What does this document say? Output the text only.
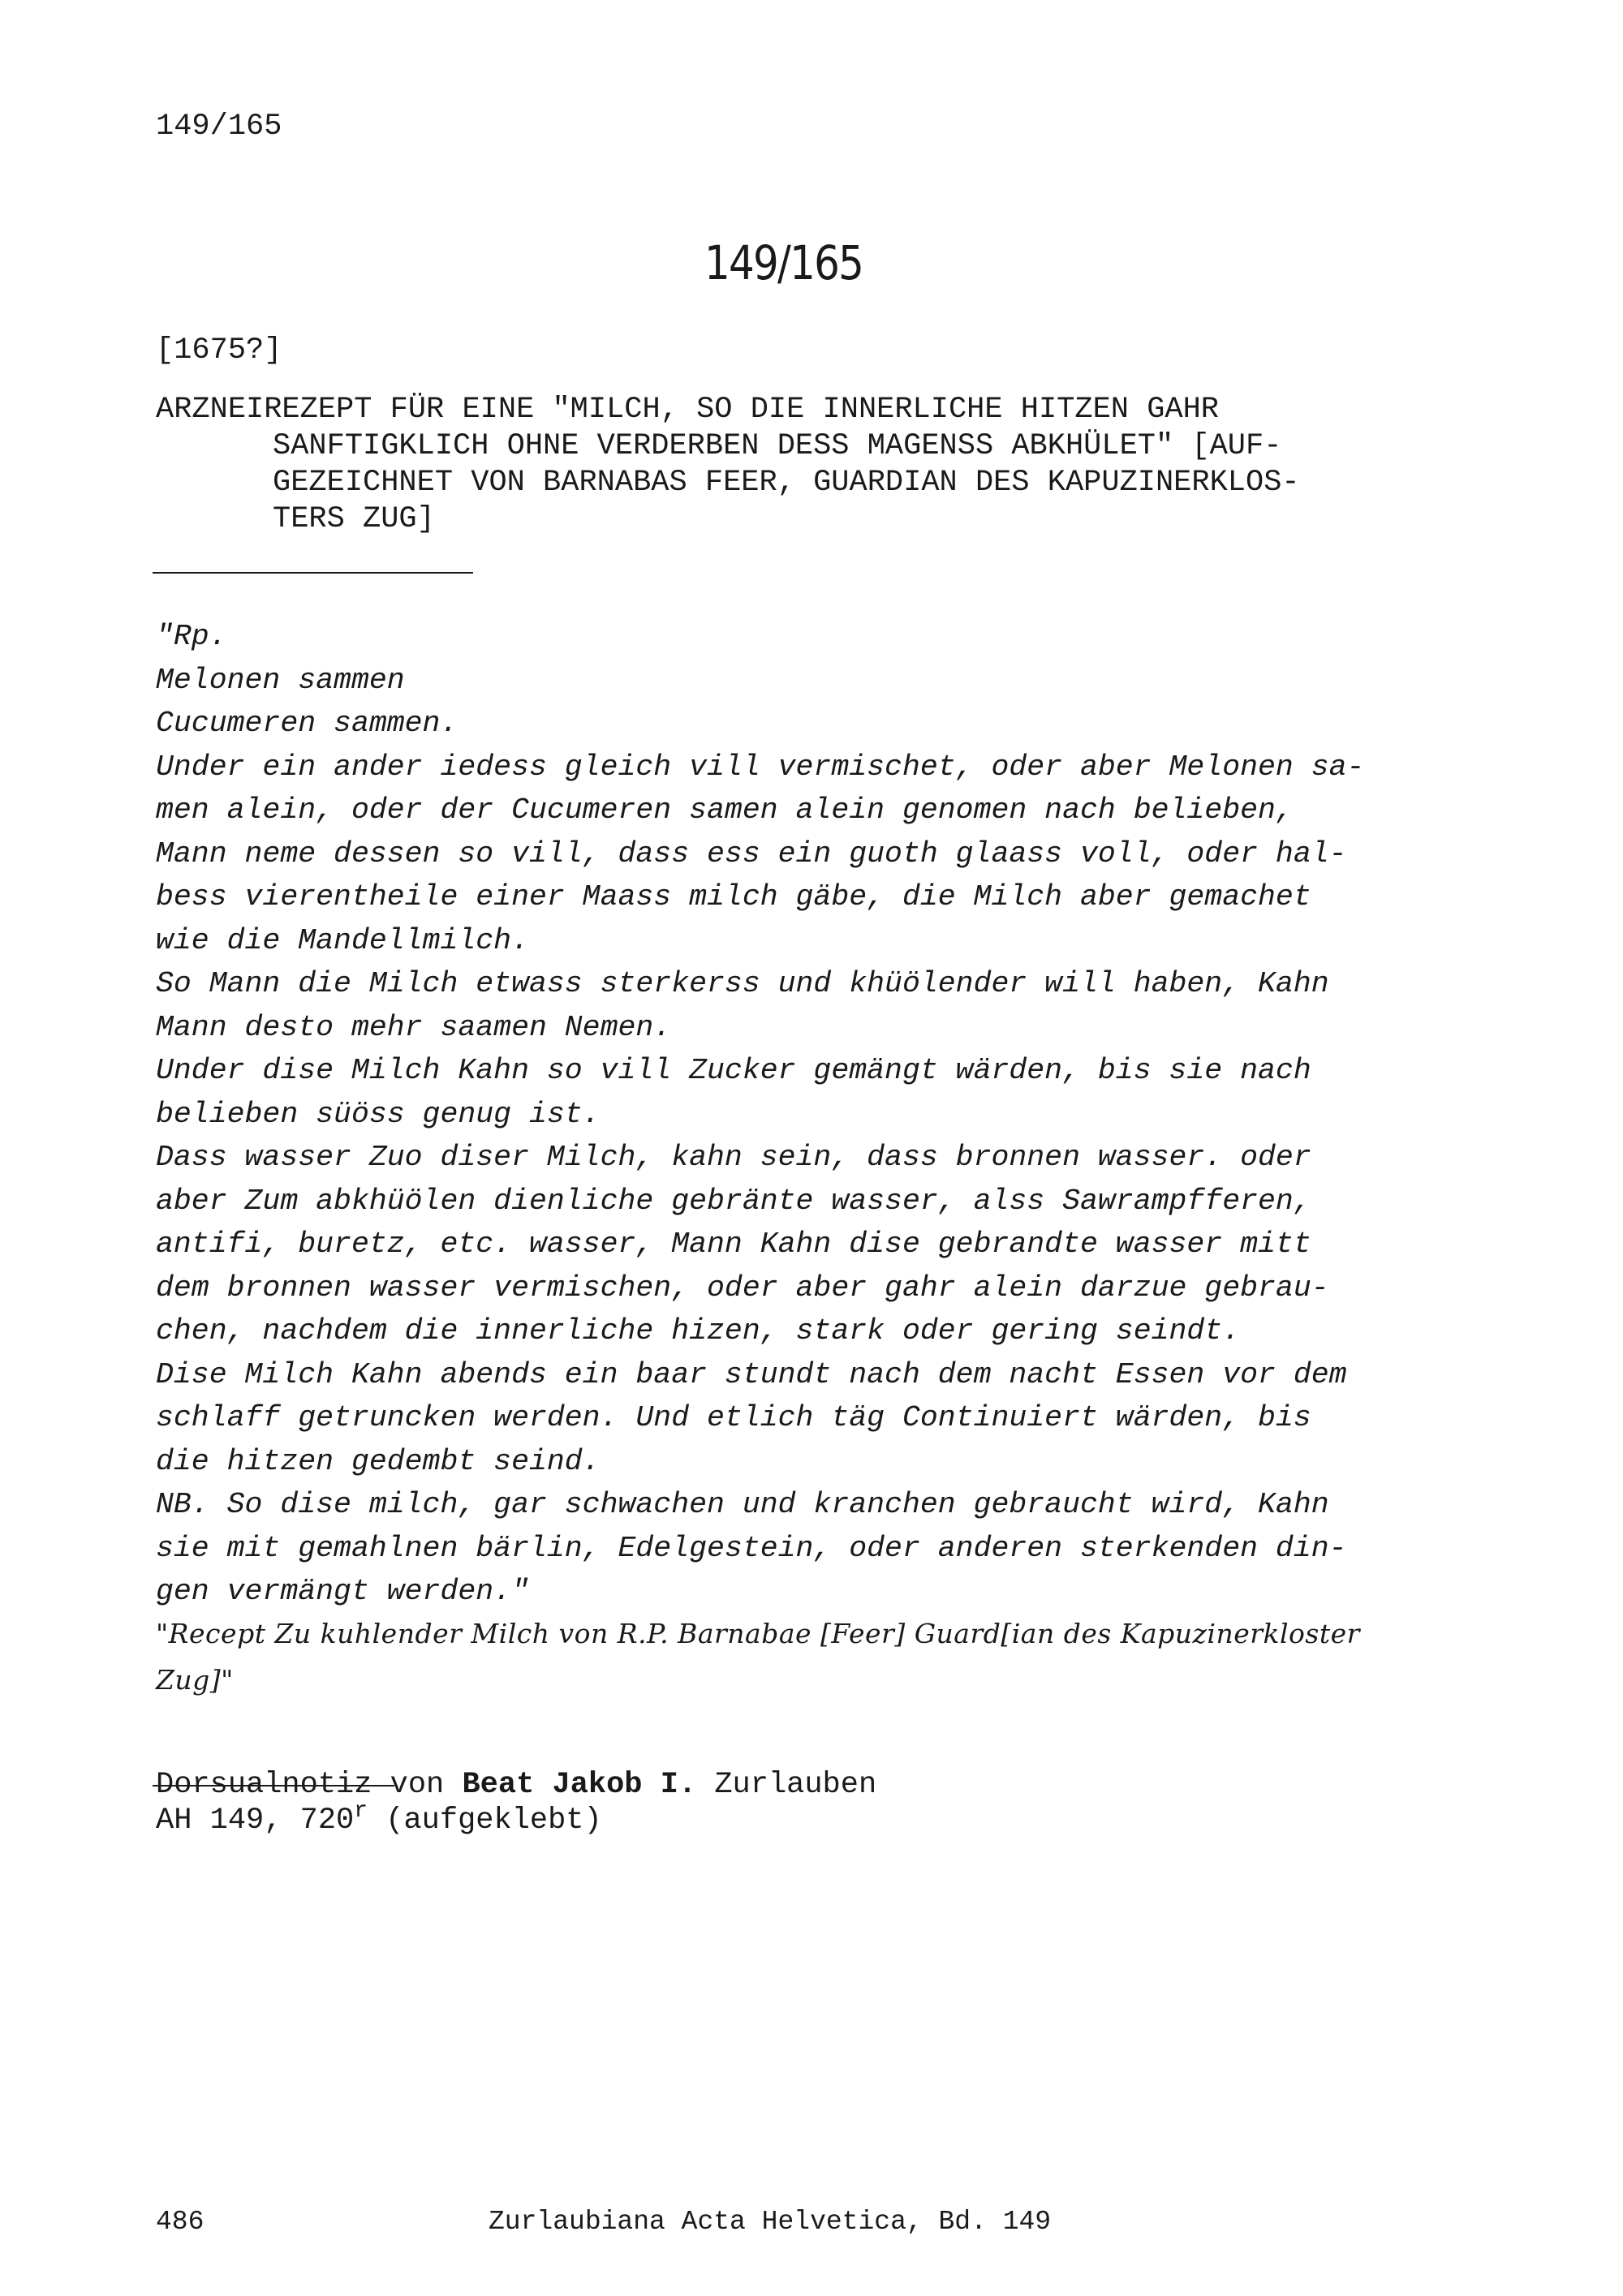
149/165
149/165
[1675?]
ARZNEIREZEPT FÜR EINE "MILCH, SO DIE INNERLICHE HITZEN GAHR
SANFTIGKLICH OHNE VERDERBEN DESS MAGENSS ABKHÜLET" [AUF-
GEZEICHNET VON BARNABAS FEER, GUARDIAN DES KAPUZINERKLOS-
TERS ZUG]
"Rp.
Melonen sammen
Cucumeren sammen.
Under ein ander iedess gleich vill vermischet, oder aber Melonen sa-
men alein, oder der Cucumeren samen alein genomen nach belieben,
Mann neme dessen so vill, dass ess ein guoth glaass voll, oder hal-
bess vierentheile einer Maass milch gäbe, die Milch aber gemachet
wie die Mandellmilch.
So Mann die Milch etwass sterkerss und khüölender will haben, Kahn
Mann desto mehr saamen Nemen.
Under dise Milch Kahn so vill Zucker gemängt wärden, bis sie nach
belieben süöss genug ist.
Dass wasser Zuo diser Milch, kahn sein, dass bronnen wasser. oder
aber Zum abkhüölen dienliche gebränte wasser, alss Sawrampfferen,
antifi, buretz, etc. wasser, Mann Kahn dise gebrandte wasser mitt
dem bronnen wasser vermischen, oder aber gahr alein darzue gebrau-
chen, nachdem die innerliche hizen, stark oder gering seindt.
Dise Milch Kahn abends ein baar stundt nach dem nacht Essen vor dem
schlaff getruncken werden. Und etlich täg Continuiert wärden, bis
die hitzen gedembt seind.
NB. So dise milch, gar schwachen und kranchen gebraucht wird, Kahn
sie mit gemahlnen bärlin, Edelgestein, oder anderen sterkenden din-
gen vermängt werden."
"Recept Zu kuhlender Milch von R.P. Barnabae [Feer] Guard[ian des Kapuzinerkloster
Zug]"
Dorsualnotiz von Beat Jakob I. Zurlauben
AH 149, 720$^r$ (aufgeklebt)
486	Zurlaubiana Acta Helvetica, Bd. 149
